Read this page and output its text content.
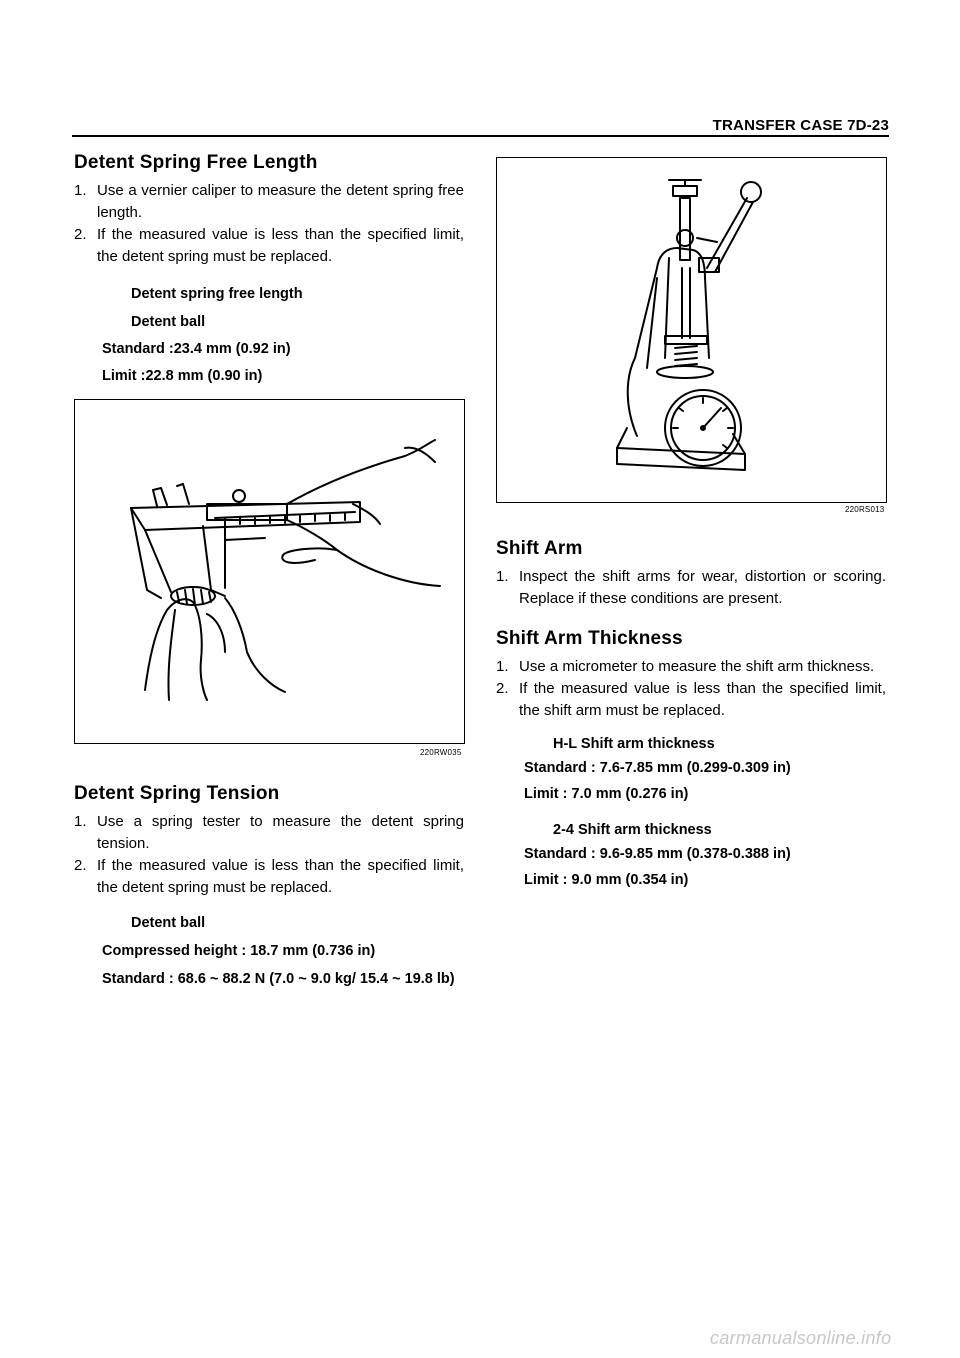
TRANSFER CASE 7D-23
Detent Spring Free Length
1. Use a vernier caliper to measure the detent spring free length.
2. If the measured value is less than the specified limit, the detent spring must be replaced.
Detent spring free length
Detent ball
Standard :23.4 mm (0.92 in)
Limit :22.8 mm (0.90 in)
220RW035
Detent Spring Tension
1. Use a spring tester to measure the detent spring tension.
2. If the measured value is less than the specified limit, the detent spring must be replaced.
Detent ball
Compressed height : 18.7 mm (0.736 in)
Standard : 68.6 ~ 88.2 N (7.0 ~ 9.0 kg/ 15.4 ~ 19.8 lb)
220RS013
Shift Arm
1. Inspect the shift arms for wear, distortion or scoring. Replace if these conditions are present.
Shift Arm Thickness
1. Use a micrometer to measure the shift arm thickness.
2. If the measured value is less than the specified limit, the shift arm must be replaced.
H-L Shift arm thickness
Standard : 7.6-7.85 mm (0.299-0.309 in)
Limit : 7.0 mm (0.276 in)
2-4 Shift arm thickness
Standard : 9.6-9.85 mm (0.378-0.388 in)
Limit : 9.0 mm (0.354 in)
carmanualsonline.info
